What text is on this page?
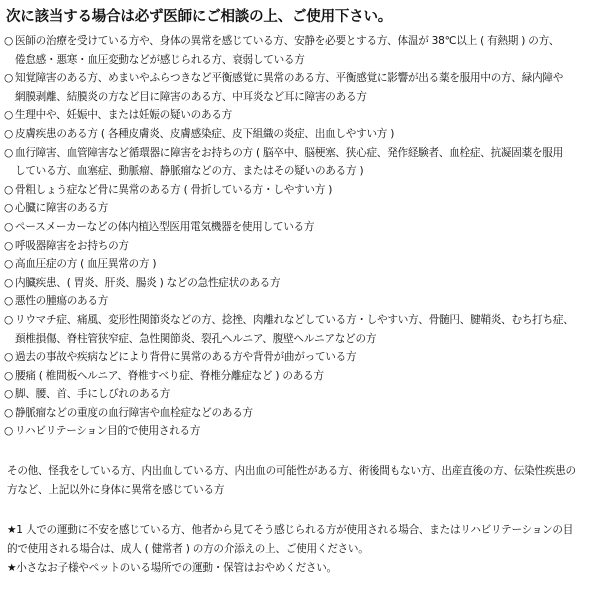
次に該当する場合は必ず医師にご相談の上、ご使用下さい。
○ 医師の治療を受けている方や、身体の異常を感じている方、安静を必要とする方、体温が 38℃以上 ( 有熱期 ) の方、
倦怠感・悪寒・血圧変動などが感じられる方、衰弱している方
○ 知覚障害のある方、めまいやふらつきなど平衡感覚に異常のある方、平衡感覚に影響が出る薬を服用中の方、緑内障や
網膜剥離、結膜炎の方など目に障害のある方、中耳炎など耳に障害のある方
○ 生理中や、妊娠中、または妊娠の疑いのある方
○ 皮膚疾患のある方 ( 各種皮膚炎、皮膚感染症、皮下組織の炎症、出血しやすい方 )
○ 血行障害、血管障害など循環器に障害をお持ちの方 ( 脳卒中、脳梗塞、狭心症、発作経験者、血栓症、抗凝固薬を服用
している方、血塞症、動脈瘤、静脈瘤などの方、またはその疑いのある方 )
○ 骨粗しょう症など骨に異常のある方 ( 骨折している方・しやすい方 )
○ 心臓に障害のある方
○ ペースメーカーなどの体内植込型医用電気機器を使用している方
○ 呼吸器障害をお持ちの方
○ 高血圧症の方 ( 血圧異常の方 )
○ 内臓疾患、( 胃炎、肝炎、腸炎 ) などの急性症状のある方
○ 悪性の腫瘍のある方
○ リウマチ症、痛風、変形性関節炎などの方、捻挫、肉離れなどしている方・しやすい方、骨髄円、腱鞘炎、むち打ち症、
頚椎損傷、脊柱管狭窄症、急性関節炎、裂孔ヘルニア、腹壁ヘルニアなどの方
○ 過去の事故や疾病などにより背骨に異常のある方や背骨が曲がっている方
○ 腰痛 ( 椎間板ヘルニア、脊椎すべり症、脊椎分離症など ) のある方
○ 脚、腰、首、手にしびれのある方
○ 静脈瘤などの重度の血行障害や血栓症などのある方
○ リハビリテーション目的で使用される方
その他、怪我をしている方、内出血している方、内出血の可能性がある方、術後間もない方、出産直後の方、伝染性疾患の
方など、上記以外に身体に異常を感じている方
★1 人での運動に不安を感じている方、他者から見てそう感じられる方が使用される場合、またはリハビリテーションの目
的で使用される場合は、成人 ( 健常者 ) の方の介添えの上、ご使用ください。
★小さなお子様やペットのいる場所での運動・保管はおやめください。
